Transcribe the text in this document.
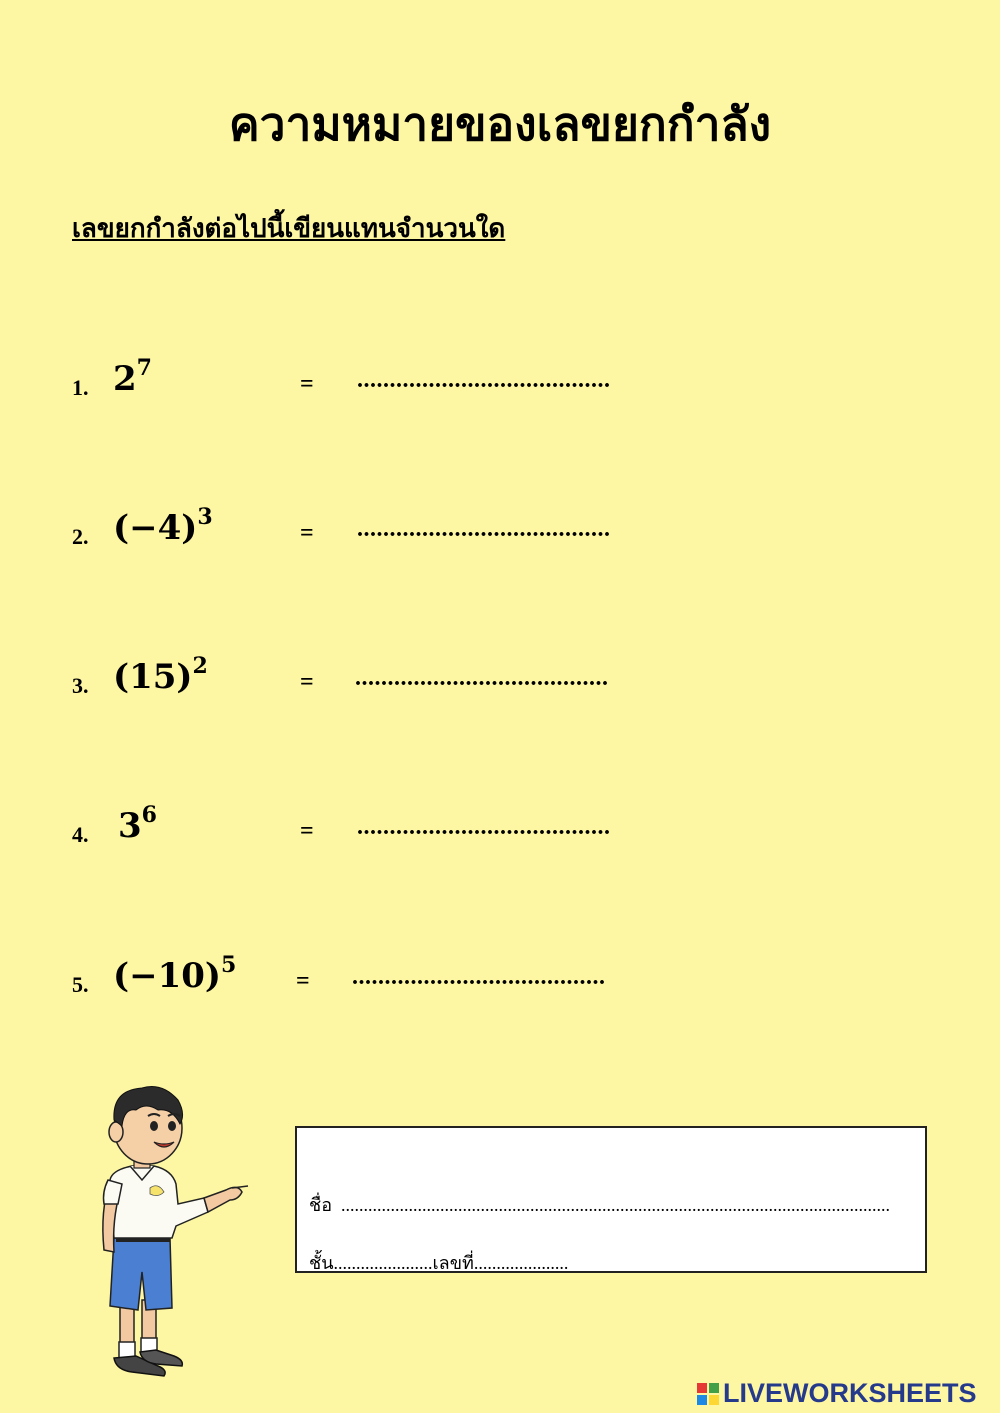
ความหมายของเลขยกกำลัง
เลขยกกำลังต่อไปนี้เขียนแทนจำนวนใด
1. $2^7$
= .......................................
2. $(-4)^3$
= .......................................
3. $(15)^2$
= .......................................
4. $3^6$
= .......................................
5. $(-10)^5$
= .......................................
ชื่อ ..........................................................................................................................
ชั้น......................เลขที่.....................
LIVEWORKSHEETS
